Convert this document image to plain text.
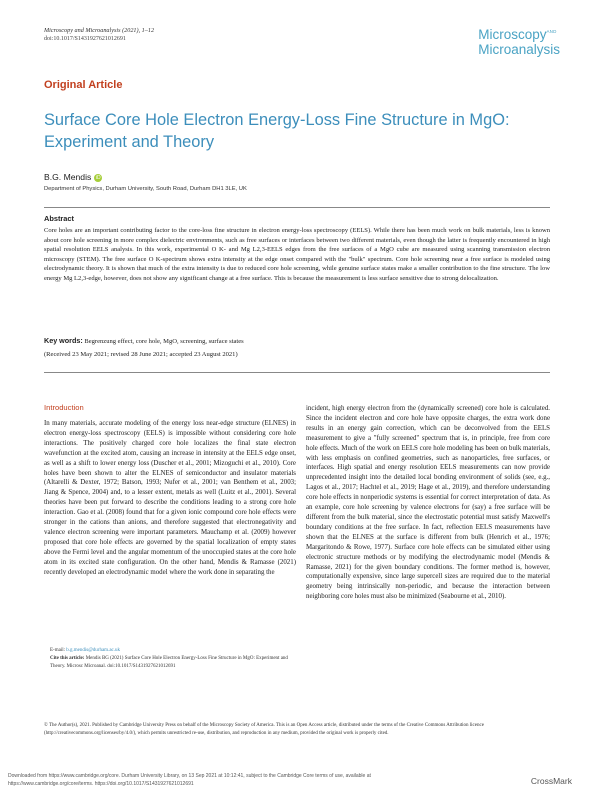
Microscopy and Microanalysis (2021), 1–12
doi:10.1017/S1431927621012691	Microscopy$^{AND}$
Microanalysis
Original Article
Surface Core Hole Electron Energy-Loss Fine Structure in MgO: Experiment and Theory
B.G. Mendis iD
Department of Physics, Durham University, South Road, Durham DH1 3LE, UK
Abstract
Core holes are an important contributing factor to the core-loss fine structure in electron energy-loss spectroscopy (EELS). While there has been much work on bulk materials, less is known about core hole screening in more complex dielectric environments, such as free surfaces or interfaces between two different materials, even though the latter is frequently encountered in high spatial resolution EELS analysis. In this work, experimental O K- and Mg L2,3-EELS edges from the free surfaces of a MgO cube are measured using scanning transmission electron microscopy (STEM). The free surface O K-spectrum shows extra intensity at the edge onset compared with the "bulk" spectrum. Core hole screening near a free surface is modeled using electrodynamic theory. It is shown that much of the extra intensity is due to reduced core hole screening, while genuine surface states make a smaller contribution to the fine structure. The low energy Mg L2,3-edge, however, does not show any significant change at a free surface. This is because the measurement is less surface sensitive due to strong delocalization.
Key words: Begrenzung effect, core hole, MgO, screening, surface states
(Received 23 May 2021; revised 28 June 2021; accepted 23 August 2021)
Introduction
In many materials, accurate modeling of the energy loss near-edge structure (ELNES) in electron energy-loss spectroscopy (EELS) is impossible without considering core hole interactions. The positively charged core hole localizes the final state electron wavefunction at the excited atom, causing an increase in intensity at the EELS edge onset, as well as a shift to lower energy loss (Duscher et al., 2001; Mizoguchi et al., 2010). Core holes have been shown to alter the ELNES of semiconductor and insulator materials (Altarelli & Dexter, 1972; Batson, 1993; Nufer et al., 2001; van Benthem et al., 2003; Jiang & Spence, 2004) and, to a lesser extent, metals as well (Luitz et al., 2001). Several theories have been put forward to describe the conditions leading to a strong core hole interaction. Gao et al. (2008) found that for a given ionic compound core hole effects were stronger in the cations than anions, and therefore suggested that electronegativity and valence electron screening were important parameters. Mauchamp et al. (2009) however proposed that core hole effects are governed by the spatial localization of empty states above the Fermi level and the angular momentum of the unoccupied states at the core hole atom in its excited state configuration. On the other hand, Mendis & Ramasse (2021) recently developed an electrodynamic model where the work done in separating the
incident, high energy electron from the (dynamically screened) core hole is calculated. Since the incident electron and core hole have opposite charges, the extra work done results in an energy gain correction, which can be deconvolved from the EELS measurement to give a "fully screened" spectrum that is, in principle, free from core hole effects. Much of the work on EELS core hole modeling has been on bulk materials, with less emphasis on confined geometries, such as nanoparticles, free surfaces, or interfaces. High spatial and energy resolution EELS measurements can now provide unprecedented insight into the detailed local bonding environment of solids (see, e.g., Lagos et al., 2017; Hachtel et al., 2019; Hage et al., 2019), and therefore understanding core hole effects in nonperiodic systems is essential for correct interpretation of data. As an example, core hole screening by valence electrons for (say) a free surface will be different from the bulk material, since the electrostatic potential must satisfy Maxwell's boundary conditions at the free surface. In fact, reflection EELS measurements have shown that the ELNES at the surface is different from bulk (Henrich et al., 1976; Margaritondo & Rowe, 1977). Surface core hole effects can be simulated either using electronic structure methods or by modifying the electrodynamic model (Mendis & Ramasse, 2021) for the given boundary conditions. The former method is, however, computationally expensive, since large supercell sizes are required due to the material geometry being intrinsically non-periodic, and because the interaction between neighboring core holes must also be minimized (Seabourne et al., 2010).
E-mail: b.g.mendis@durham.ac.uk
Cite this article: Mendis BG (2021) Surface Core Hole Electron Energy-Loss Fine Structure in MgO: Experiment and Theory. Microsc Microanal. doi:10.1017/S1431927621012691
© The Author(s), 2021. Published by Cambridge University Press on behalf of the Microscopy Society of America. This is an Open Access article, distributed under the terms of the Creative Commons Attribution licence (http://creativecommons.org/licenses/by/4.0/), which permits unrestricted re-use, distribution, and reproduction in any medium, provided the original work is properly cited.
Downloaded from https://www.cambridge.org/core. Durham University Library, on 13 Sep 2021 at 10:12:41, subject to the Cambridge Core terms of use, available at
https://www.cambridge.org/core/terms. https://doi.org/10.1017/S1431927621012691	CrossMark
